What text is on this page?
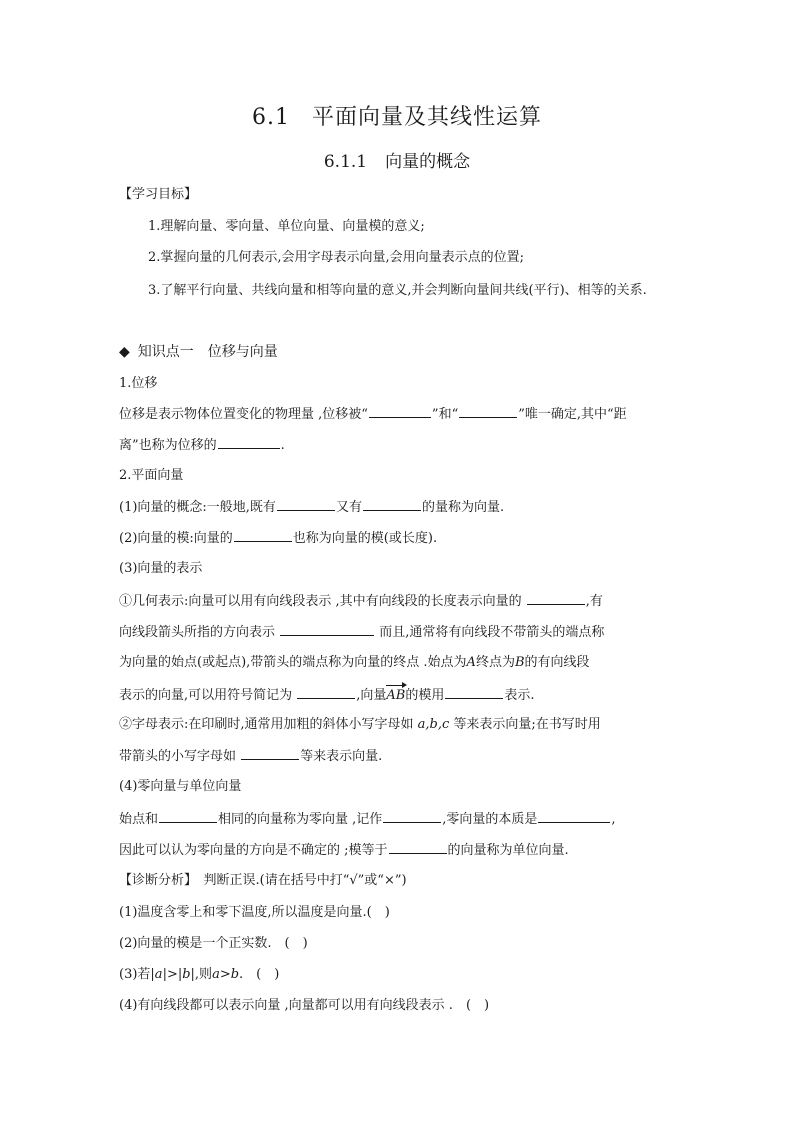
6.1 平面向量及其线性运算
6.1.1 向量的概念
【学习目标】
1.理解向量、零向量、单位向量、向量模的意义;
2.掌握向量的几何表示,会用字母表示向量,会用向量表示点的位置;
3.了解平行向量、共线向量和相等向量的意义,并会判断向量间共线(平行)、相等的关系.
◆ 知识点一　位移与向量
1.位移
位移是表示物体位置变化的物理量 ,位移被“	”和“	”唯一确定,其中“距
离”也称为位移的	.
2.平面向量
(1)向量的概念:一般地,既有	又有	的量称为向量.
(2)向量的模:向量的	也称为向量的模(或长度).
(3)向量的表示
①几何表示:向量可以用有向线段表示 ,其中有向线段的长度表示向量的	,有
向线段箭头所指的方向表示	而且,通常将有向线段不带箭头的端点称
为向量的始点(或起点),带箭头的端点称为向量的终点 .始点为A终点为B的有向线段
表示的向量,可以用符号简记为	,向量AB的模用	表示.
②字母表示:在印刷时,通常用加粗的斜体小写字母如 a,b,c 等来表示向量;在书写时用
带箭头的小写字母如	等来表示向量.
(4)零向量与单位向量
始点和	相同的向量称为零向量 ,记作	,零向量的本质是	,
因此可以认为零向量的方向是不确定的 ;模等于	的向量称为单位向量.
【诊断分析】　 判断正误.(请在括号中打“√”或“×”)
(1)温度含零上和零下温度,所以温度是向量.(　)
(2)向量的模是一个正实数.　(　)
(3)若|a|>|b|,则a>b.　(　)
(4)有向线段都可以表示向量 ,向量都可以用有向线段表示 .　(　)
